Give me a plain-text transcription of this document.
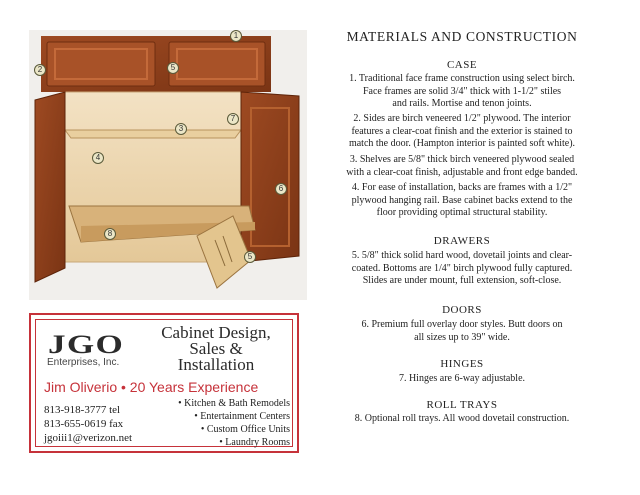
1
2
3
4
5
5
6
7
8
JGO
Enterprises, Inc.
Cabinet Design,
Sales &
Installation
Jim Oliverio • 20 Years Experience
813-918-3777 tel
813-655-0619 fax
jgoiii1@verizon.net
• Kitchen & Bath Remodels
• Entertainment Centers
• Custom Office Units
• Laundry Rooms
MATERIALS AND CONSTRUCTION
CASE
1. Traditional face frame construction using select birch.
Face frames are solid 3/4" thick with 1-1/2" stiles
and rails. Mortise and tenon joints.
2. Sides are birch veneered 1/2" plywood. The interior
features a clear-coat finish and the exterior is stained to
match the door. (Hampton interior is painted soft white).
3. Shelves are 5/8" thick birch veneered plywood sealed
with a clear-coat finish, adjustable and front edge banded.
4. For ease of installation, backs are frames with a 1/2"
plywood hanging rail. Base cabinet backs extend to the
floor providing optimal structural stability.
DRAWERS
5. 5/8" thick solid hard wood, dovetail joints and clear-
coated. Bottoms are 1/4" birch plywood fully captured.
Slides are under mount, full extension, soft-close.
DOORS
6. Premium full overlay door styles. Butt doors on
all sizes up to 39" wide.
HINGES
7. Hinges are 6-way adjustable.
ROLL TRAYS
8. Optional roll trays. All wood dovetail construction.
